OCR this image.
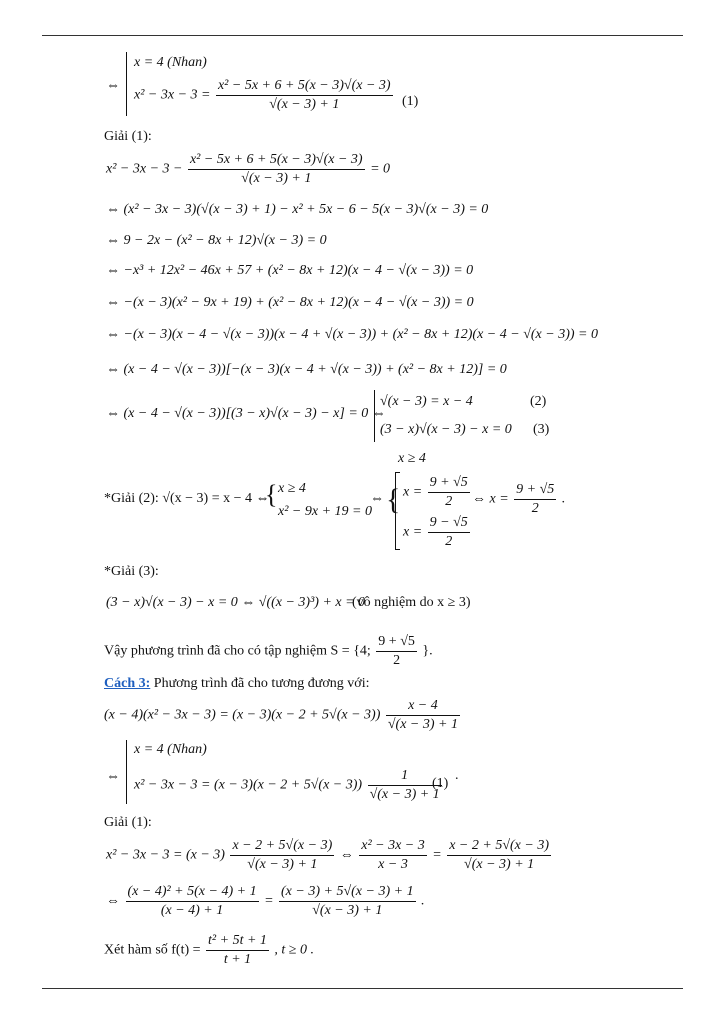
⇔
x = 4 (Nhan)
$x^2 - 3x - 3 = \frac{\text{x² − 5x + 6 + 5(x − 3)√(x − 3)}}{√(x - 3) + 1} (1)$
Giải (1):
$x^2 - 3x - 3 - \frac{\text{x² − 5x + 6 + 5(x − 3)√(x − 3)}}{√(x - 3) + 1} = 0$
⇔ (x² − 3x − 3)(√(x − 3) + 1) − x² + 5x − 6 − 5(x − 3)√(x − 3) = 0
⇔ 9 − 2x − (x² − 8x + 12)√(x − 3) = 0
⇔ −x³ + 12x² − 46x + 57 + (x² − 8x + 12)(x − 4 − √(x − 3)) = 0
⇔ −(x − 3)(x² − 9x + 19) + (x² − 8x + 12)(x − 4 − √(x − 3)) = 0
⇔ −(x − 3)(x − 4 − √(x − 3))(x − 4 + √(x − 3)) + (x² − 8x + 12)(x − 4 − √(x − 3)) = 0
⇔ (x − 4 − √(x − 3))[−(x − 3)(x − 4 + √(x − 3)) + (x² − 8x + 12)] = 0
⇔ (x − 4 − √(x − 3))[(3 − x)√(x − 3) − x] = 0 ⇔
√(x − 3) = x − 4	(2)
(3 − x)√(x − 3) − x = 0 (3)
*Giải (2): √(x − 3) = x − 4 ⇔
{ x ≥ 4
x² − 9x + 19 = 0
⇔ {
x ≥ 4
$x = \frac{9 + √5}{2}$
$x = \frac{9 - √5}{2}$
⇔ $x = \frac{9 + √5}{2}$ .
*Giải (3):
(3 − x)√(x − 3) − x = 0 ⇔ √((x − 3)³) + x = 0
(vô nghiệm do x ≥ 3)
Vậy phương trình đã cho có tập nghiệm S = {4; $\frac{9 + √5}{2}$ }.
Cách 3: Phương trình đã cho tương đương với:
$(x - 4)(x^2 - 3x - 3) = (x - 3)(x - 2 + 5√(x - 3)) \frac{x - 4}{√(x - 3) + 1}$
⇔
x = 4 (Nhan)
$x^2 - 3x - 3 = (x - 3)(x - 2 + 5√(x - 3)) \frac{1}{√(x - 3) + 1}$
(1)
.
Giải (1):
$x^2 - 3x - 3 = (x - 3) \frac{x - 2 + 5√(x - 3)}{√(x - 3) + 1}$ ⇔ $\frac{\text{x² − 3x − 3}}{x - 3} = \frac{x - 2 + 5√(x - 3)}{√(x - 3) + 1}$
⇔ $\frac{\text{(x − 4)² + 5(x − 4) + 1}}{(x - 4) + 1} = \frac{(x - 3) + 5√(x - 3) + 1}{√(x - 3) + 1}$ .
Xét hàm số $f(t) = \frac{\text{t² + 5t + 1}}{t + 1}$ , t ≥ 0 .
